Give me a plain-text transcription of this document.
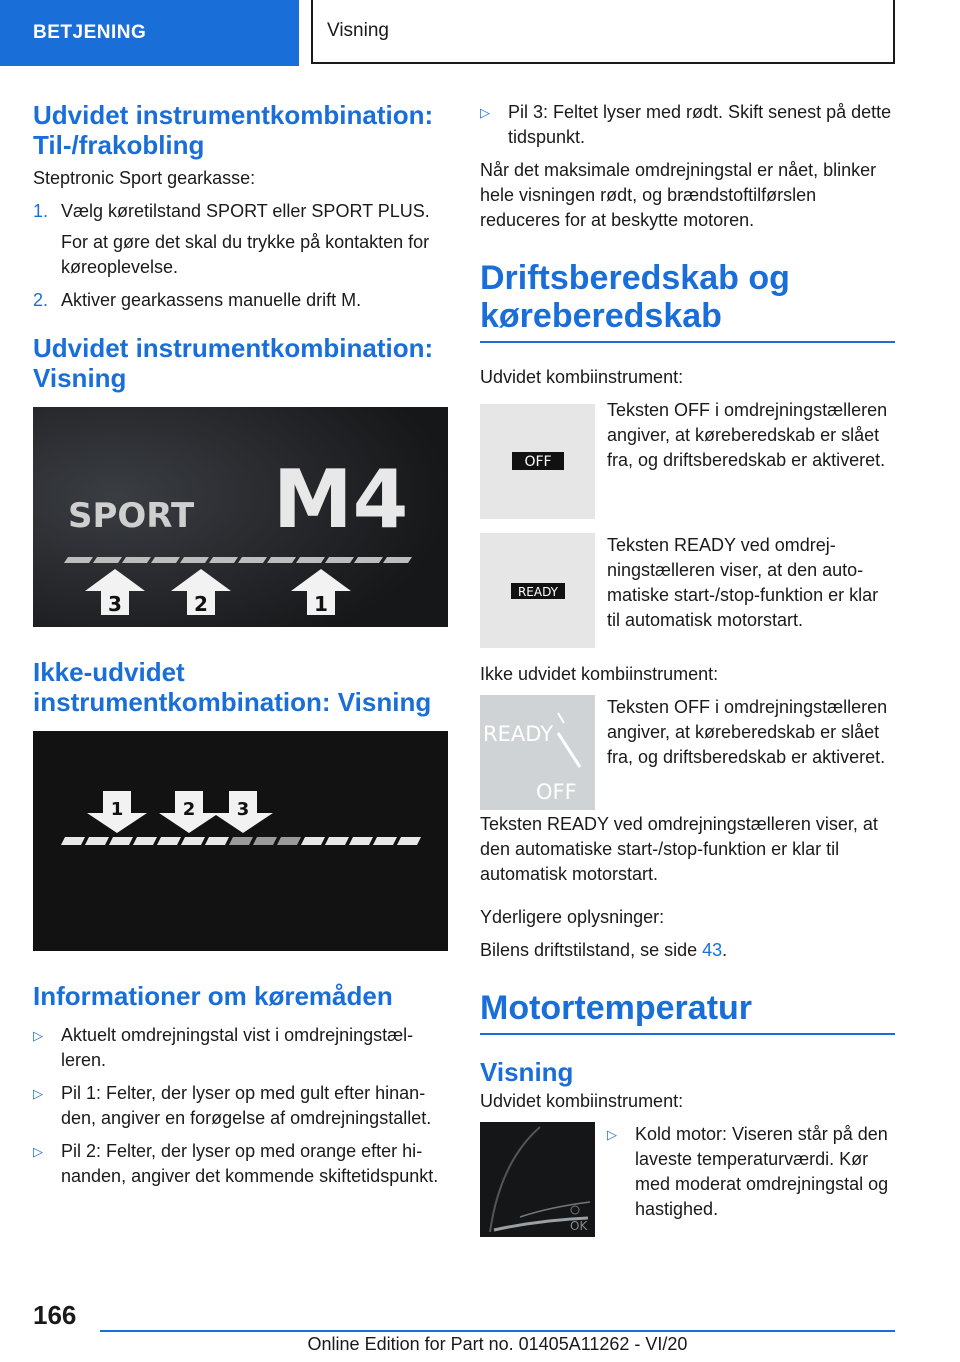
BETJENING	Visning
Udvidet instrumentkombination: Til-/frakobling

Steptronic Sport gearkasse:

1. Vælg køretilstand SPORT eller SPORT PLUS.

For at gøre det skal du trykke på kontakten for køreoplevelse.

2. Aktiver gearkassens manuelle drift M.
Udvidet instrumentkombination: Visning
SPORT M4
3	2	1
Ikke-udvidet instrumentkombination: Visning
1	2 3
Informationer om køremåden
▷	Aktuelt omdrejningstal vist i omdrejningstælleren.
▷	Pil 1: Felter, der lyser op med gult efter hinanden, angiver en forøgelse af omdrejningstallet.
▷	Pil 2: Felter, der lyser op med orange efter hinanden, angiver det kommende skiftetidspunkt.
▷	Pil 3: Feltet lyser med rødt. Skift senest på dette tidspunkt.

Når det maksimale omdrejningstal er nået, blinker hele visningen rødt, og brændstoftilførslen reduceres for at beskytte motoren.

Driftsberedskab og køreberedskab

Udvidet kombiinstrument:

OFF
Teksten OFF i omdrejningstælleren angiver, at køreberedskab er slået fra, og driftsberedskab er aktiveret.
READY
Teksten READY ved omdrejningstælleren viser, at den automatiske start-/stop-funktion er klar til automatisk motorstart.

Ikke udvidet kombiinstrument:

READY
OFF
Teksten OFF i omdrejningstælleren angiver, at køreberedskab er slået fra, og driftsberedskab er aktiveret.

Teksten READY ved omdrejningstælleren viser, at den automatiske start-/stop-funktion er klar til automatisk motorstart.

Yderligere oplysninger:

Bilens driftstilstand, se side 43.

Motortemperatur
Visning

Udvidet kombiinstrument:

OK
▷	Kold motor: Viseren står på den laveste temperaturværdi. Kør med moderat omdrejningstal og hastighed.
166
Online Edition for Part no. 01405A11262 - VI/20
